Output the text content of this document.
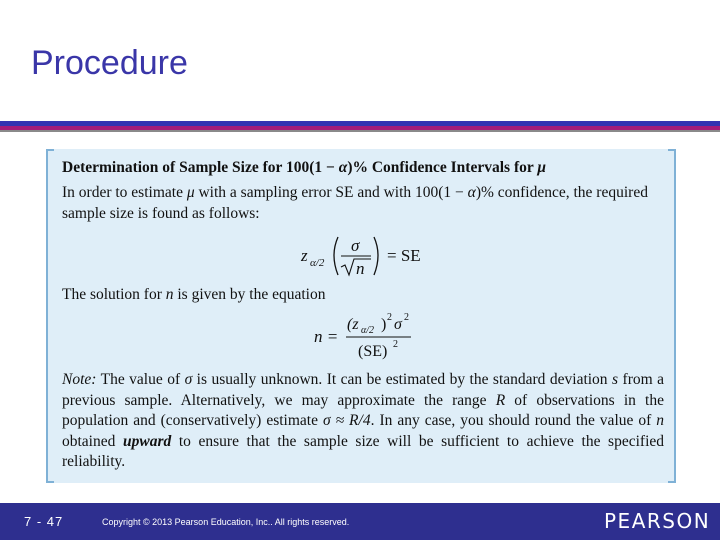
Procedure
Determination of Sample Size for 100(1 − α)% Confidence Intervals for μ
In order to estimate μ with a sampling error SE and with 100(1 − α)% confidence, the required sample size is found as follows:
z α/2
σ
n
= SE
The solution for n is given by the equation
n =
(z α/2 ) 2 σ 2
(SE) 2
Note: The value of σ is usually unknown. It can be estimated by the standard deviation s from a previous sample. Alternatively, we may approximate the range R of observations in the population and (conservatively) estimate σ ≈ R/4. In any case, you should round the value of n obtained upward to ensure that the sample size will be sufficient to achieve the specified reliability.
7 - 47	Copyright © 2013 Pearson Education, Inc.. All rights reserved.	PEARSON
